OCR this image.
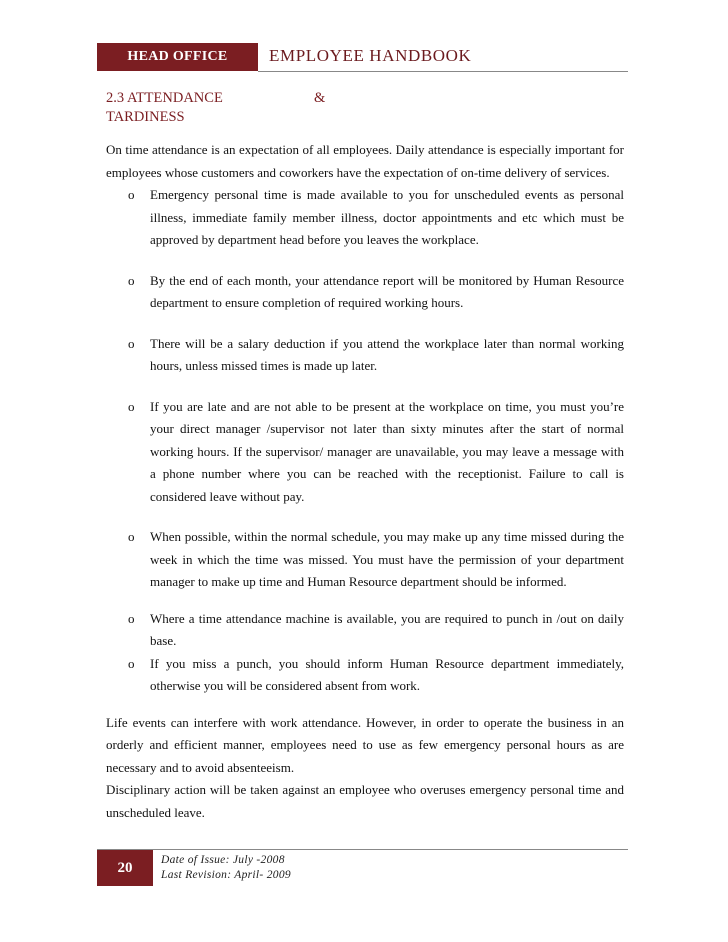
HEAD OFFICE	EMPLOYEE HANDBOOK
2.3 ATTENDANCE	&
TARDINESS

On time attendance is an expectation of all employees. Daily attendance is especially important for employees whose customers and coworkers have the expectation of on-time delivery of services.

o Emergency personal time is made available to you for unscheduled events as personal illness, immediate family member illness, doctor appointments and etc which must be approved by department head before you leaves the workplace.
o By the end of each month, your attendance report will be monitored by Human Resource department to ensure completion of required working hours.
o There will be a salary deduction if you attend the workplace later than normal working hours, unless missed times is made up later.
o If you are late and are not able to be present at the workplace on time, you must you’re your direct manager /supervisor not later than sixty minutes after the start of normal working hours. If the supervisor/ manager are unavailable, you may leave a message with a phone number where you can be reached with the receptionist. Failure to call is considered leave without pay.
o When possible, within the normal schedule, you may make up any time missed during the week in which the time was missed. You must have the permission of your department manager to make up time and Human Resource department should be informed.
o Where a time attendance machine is available, you are required to punch in /out on daily base.
o If you miss a punch, you should inform Human Resource department immediately, otherwise you will be considered absent from work.

Life events can interfere with work attendance. However, in order to operate the business in an orderly and efficient manner, employees need to use as few emergency personal hours as are necessary and to avoid absenteeism.

Disciplinary action will be taken against an employee who overuses emergency personal time and unscheduled leave.

20	Date of Issue: July -2008
Last Revision: April- 2009
